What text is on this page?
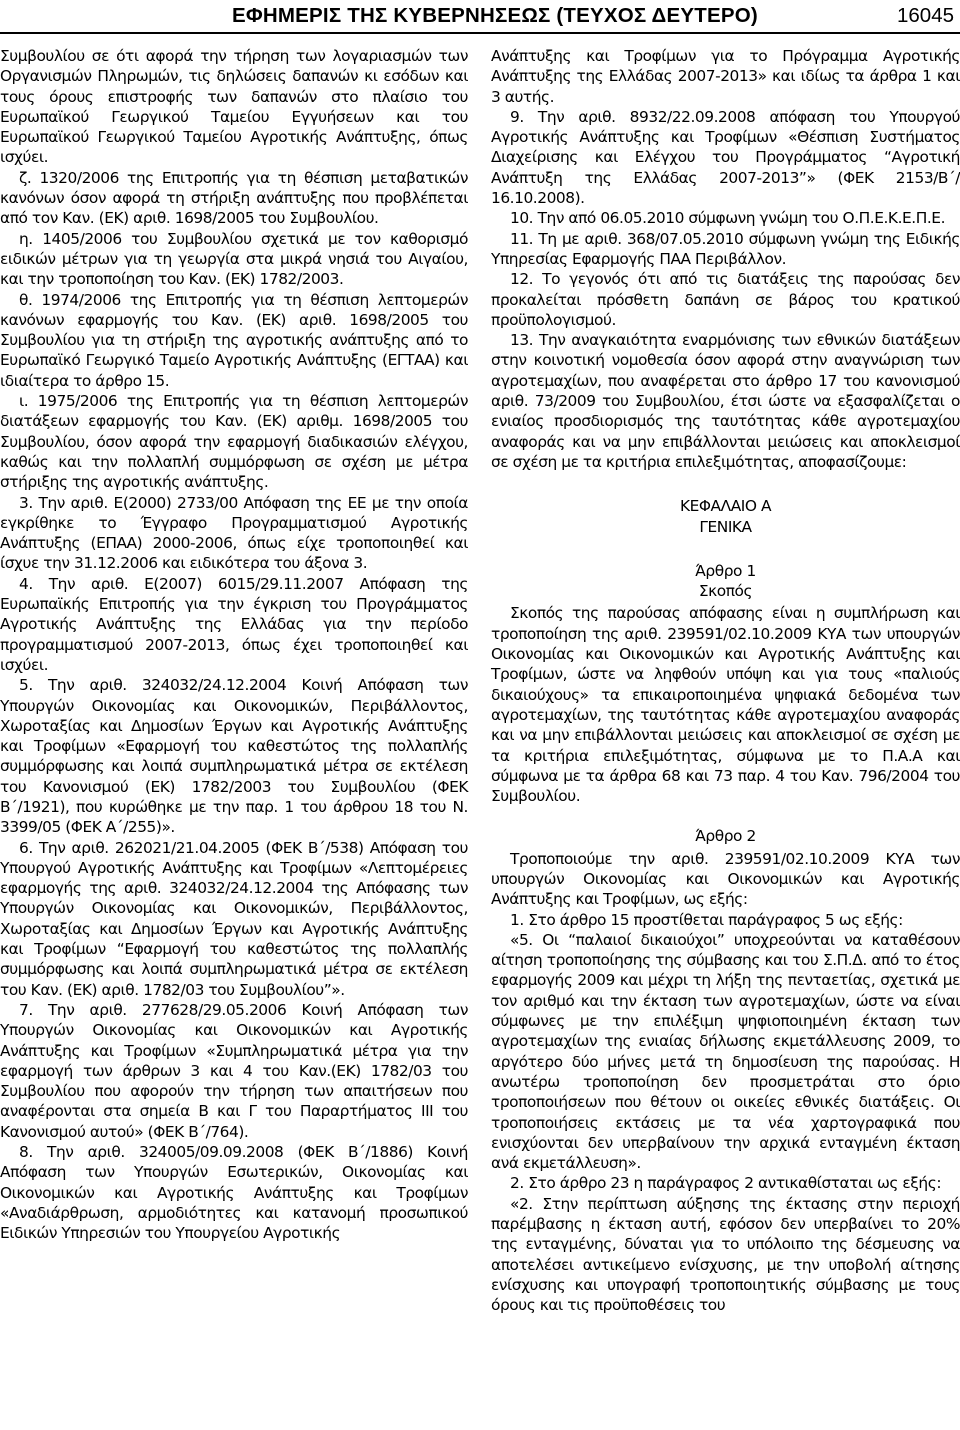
ΕΦΗΜΕΡΙΣ ΤΗΣ ΚΥΒΕΡΝΗΣΕΩΣ (ΤΕΥΧΟΣ ΔΕΥΤΕΡΟ)	16045

Συμβουλίου σε ότι αφορά την τήρηση των λογαριασμών των Οργανισμών Πληρωμών, τις δηλώσεις δαπανών κι εσόδων και τους όρους επιστροφής των δαπανών στο πλαίσιο του Ευρωπαϊκού Γεωργικού Ταμείου Εγγυήσεων και του Ευρωπαϊκού Γεωργικού Ταμείου Αγροτικής Ανάπτυξης, όπως ισχύει.

ζ. 1320/2006 της Επιτροπής για τη θέσπιση μεταβατικών κανόνων όσον αφορά τη στήριξη ανάπτυξης που προβλέπεται από τον Καν. (ΕΚ) αριθ. 1698/2005 του Συμβουλίου.

η. 1405/2006 του Συμβουλίου σχετικά με τον καθορισμό ειδικών μέτρων για τη γεωργία στα μικρά νησιά του Αιγαίου, και την τροποποίηση του Καν. (ΕΚ) 1782/2003.

θ. 1974/2006 της Επιτροπής για τη θέσπιση λεπτομερών κανόνων εφαρμογής του Καν. (ΕΚ) αριθ. 1698/2005 του Συμβουλίου για τη στήριξη της αγροτικής ανάπτυξης από το Ευρωπαϊκό Γεωργικό Ταμείο Αγροτικής Ανάπτυξης (ΕΓΤΑΑ) και ιδιαίτερα το άρθρο 15.

ι. 1975/2006 της Επιτροπής για τη θέσπιση λεπτομερών διατάξεων εφαρμογής του Καν. (ΕΚ) αριθμ. 1698/2005 του Συμβουλίου, όσον αφορά την εφαρμογή διαδικασιών ελέγχου, καθώς και την πολλαπλή συμμόρφωση σε σχέση με μέτρα στήριξης της αγροτικής ανάπτυξης.

3. Την αριθ. Ε(2000) 2733/00 Απόφαση της ΕΕ με την οποία εγκρίθηκε το Έγγραφο Προγραμματισμού Αγροτικής Ανάπτυξης (ΕΠΑΑ) 2000-2006, όπως είχε τροποποιηθεί και ίσχυε την 31.12.2006 και ειδικότερα του άξονα 3.

4. Την αριθ. Ε(2007) 6015/29.11.2007 Απόφαση της Ευρωπαϊκής Επιτροπής για την έγκριση του Προγράμματος Αγροτικής Ανάπτυξης της Ελλάδας για την περίοδο προγραμματισμού 2007-2013, όπως έχει τροποποιηθεί και ισχύει.

5. Την αριθ. 324032/24.12.2004 Κοινή Απόφαση των Υπουργών Οικονομίας και Οικονομικών, Περιβάλλοντος, Χωροταξίας και Δημοσίων Έργων και Αγροτικής Ανάπτυξης και Τροφίμων «Εφαρμογή του καθεστώτος της πολλαπλής συμμόρφωσης και λοιπά συμπληρωματικά μέτρα σε εκτέλεση του Κανονισμού (ΕΚ) 1782/2003 του Συμβουλίου (ΦΕΚ Β΄/1921), που κυρώθηκε με την παρ. 1 του άρθρου 18 του Ν. 3399/05 (ΦΕΚ Α΄/255)».

6. Την αριθ. 262021/21.04.2005 (ΦΕΚ Β΄/538) Απόφαση του Υπουργού Αγροτικής Ανάπτυξης και Τροφίμων «Λεπτομέρειες εφαρμογής της αριθ. 324032/24.12.2004 της Απόφασης των Υπουργών Οικονομίας και Οικονομικών, Περιβάλλοντος, Χωροταξίας και Δημοσίων Έργων και Αγροτικής Ανάπτυξης και Τροφίμων “Εφαρμογή του καθεστώτος της πολλαπλής συμμόρφωσης και λοιπά συμπληρωματικά μέτρα σε εκτέλεση του Καν. (ΕΚ) αριθ. 1782/03 του Συμβουλίου”».

7. Την αριθ. 277628/29.05.2006 Κοινή Απόφαση των Υπουργών Οικονομίας και Οικονομικών και Αγροτικής Ανάπτυξης και Τροφίμων «Συμπληρωματικά μέτρα για την εφαρμογή των άρθρων 3 και 4 του Καν.(ΕΚ) 1782/03 του Συμβουλίου που αφορούν την τήρηση των απαιτήσεων που αναφέρονται στα σημεία Β και Γ του Παραρτήματος ΙΙΙ του Κανονισμού αυτού» (ΦΕΚ Β΄/764).

8. Την αριθ. 324005/09.09.2008 (ΦΕΚ Β΄/1886) Κοινή Απόφαση των Υπουργών Εσωτερικών, Οικονομίας και Οικονομικών και Αγροτικής Ανάπτυξης και Τροφίμων «Αναδιάρθρωση, αρμοδιότητες και κατανομή προσωπικού Ειδικών Υπηρεσιών του Υπουργείου Αγροτικής

Ανάπτυξης και Τροφίμων για το Πρόγραμμα Αγροτικής Ανάπτυξης της Ελλάδας 2007-2013» και ιδίως τα άρθρα 1 και 3 αυτής.

9. Την αριθ. 8932/22.09.2008 απόφαση του Υπουργού Αγροτικής Ανάπτυξης και Τροφίμων «Θέσπιση Συστήματος Διαχείρισης και Ελέγχου του Προγράμματος “Αγροτική Ανάπτυξη της Ελλάδας 2007-2013”» (ΦΕΚ 2153/Β΄/ 16.10.2008).

10. Την από 06.05.2010 σύμφωνη γνώμη του Ο.Π.Ε.Κ.Ε.Π.Ε.

11. Τη με αριθ. 368/07.05.2010 σύμφωνη γνώμη της Ειδικής Υπηρεσίας Εφαρμογής ΠΑΑ Περιβάλλον.

12. Το γεγονός ότι από τις διατάξεις της παρούσας δεν προκαλείται πρόσθετη δαπάνη σε βάρος του κρατικού προϋπολογισμού.

13. Την αναγκαιότητα εναρμόνισης των εθνικών διατάξεων στην κοινοτική νομοθεσία όσον αφορά στην αναγνώριση των αγροτεμαχίων, που αναφέρεται στο άρθρο 17 του κανονισμού αριθ. 73/2009 του Συμβουλίου, έτσι ώστε να εξασφαλίζεται ο ενιαίος προσδιορισμός της ταυτότητας κάθε αγροτεμαχίου αναφοράς και να μην επιβάλλονται μειώσεις και αποκλεισμοί σε σχέση με τα κριτήρια επιλεξιμότητας, αποφασίζουμε:

ΚΕΦΑΛΑΙΟ Α

ΓΕΝΙΚΑ

Άρθρο 1

Σκοπός

Σκοπός της παρούσας απόφασης είναι η συμπλήρωση και τροποποίηση της αριθ. 239591/02.10.2009 ΚΥΑ των υπουργών Οικονομίας και Οικονομικών και Αγροτικής Ανάπτυξης και Τροφίμων, ώστε να ληφθούν υπόψη και για τους «παλιούς δικαιούχους» τα επικαιροποιημένα ψηφιακά δεδομένα των αγροτεμαχίων, της ταυτότητας κάθε αγροτεμαχίου αναφοράς και να μην επιβάλλονται μειώσεις και αποκλεισμοί σε σχέση με τα κριτήρια επιλεξιμότητας, σύμφωνα με το Π.Α.Α και σύμφωνα με τα άρθρα 68 και 73 παρ. 4 του Καν. 796/2004 του Συμβουλίου.

Άρθρο 2

Τροποποιούμε την αριθ. 239591/02.10.2009 ΚΥΑ των υπουργών Οικονομίας και Οικονομικών και Αγροτικής Ανάπτυξης και Τροφίμων, ως εξής:

1. Στο άρθρο 15 προστίθεται παράγραφος 5 ως εξής:

«5. Οι “παλαιοί δικαιούχοι” υποχρεούνται να καταθέσουν αίτηση τροποποίησης της σύμβασης και του Σ.Π.Δ. από το έτος εφαρμογής 2009 και μέχρι τη λήξη της πενταετίας, σχετικά με τον αριθμό και την έκταση των αγροτεμαχίων, ώστε να είναι σύμφωνες με την επιλέξιμη ψηφιοποιημένη έκταση των αγροτεμαχίων της ενιαίας δήλωσης εκμετάλλευσης 2009, το αργότερο δύο μήνες μετά τη δημοσίευση της παρούσας. Η ανωτέρω τροποποίηση δεν προσμετράται στο όριο τροποποιήσεων που θέτουν οι οικείες εθνικές διατάξεις. Οι τροποποιήσεις εκτάσεις με τα νέα χαρτογραφικά που ενισχύονται δεν υπερβαίνουν την αρχικά ενταγμένη έκταση ανά εκμετάλλευση».

2. Στο άρθρο 23 η παράγραφος 2 αντικαθίσταται ως εξής:

«2. Στην περίπτωση αύξησης της έκτασης στην περιοχή παρέμβασης η έκταση αυτή, εφόσον δεν υπερβαίνει το 20% της ενταγμένης, δύναται για το υπόλοιπο της δέσμευσης να αποτελέσει αντικείμενο ενίσχυσης, με την υποβολή αίτησης ενίσχυσης και υπογραφή τροποποιητικής σύμβασης με τους όρους και τις προϋποθέσεις του
